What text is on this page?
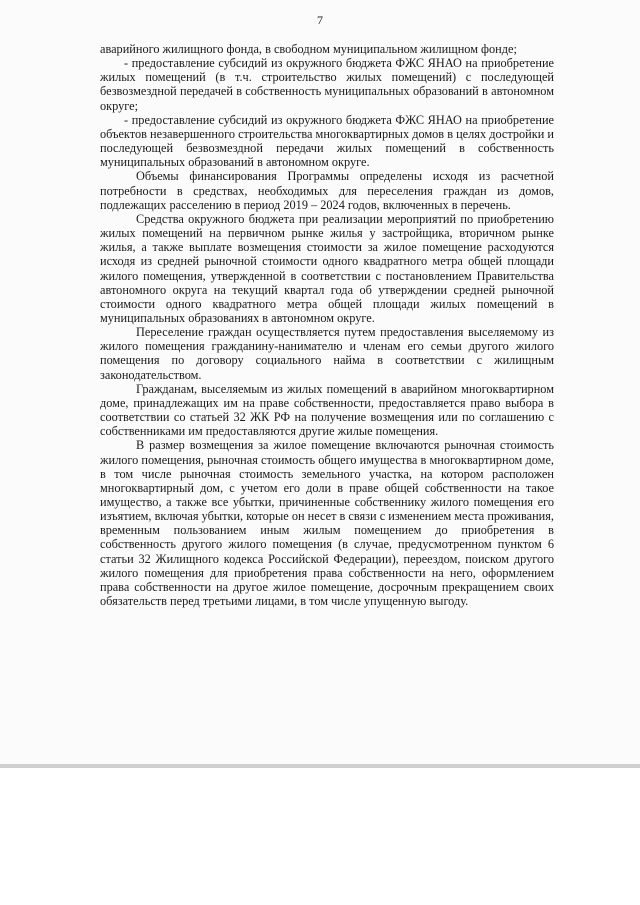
7

аварийного жилищного фонда, в свободном муниципальном жилищном фонде;

- предоставление субсидий из окружного бюджета ФЖС ЯНАО на приобретение жилых помещений (в т.ч. строительство жилых помещений) с последующей безвозмездной передачей в собственность муниципальных образований в автономном округе;

- предоставление субсидий из окружного бюджета ФЖС ЯНАО на приобретение объектов незавершенного строительства многоквартирных домов в целях достройки и последующей безвозмездной передачи жилых помещений в собственность муниципальных образований в автономном округе.

Объемы финансирования Программы определены исходя из расчетной потребности в средствах, необходимых для переселения граждан из домов, подлежащих расселению в период 2019 – 2024 годов, включенных в перечень.

Средства окружного бюджета при реализации мероприятий по приобретению жилых помещений на первичном рынке жилья у застройщика, вторичном рынке жилья, а также выплате возмещения стоимости за жилое помещение расходуются исходя из средней рыночной стоимости одного квадратного метра общей площади жилого помещения, утвержденной в соответствии с постановлением Правительства автономного округа на текущий квартал года об утверждении средней рыночной стоимости одного квадратного метра общей площади жилых помещений в муниципальных образованиях в автономном округе.

Переселение граждан осуществляется путем предоставления выселяемому из жилого помещения гражданину-нанимателю и членам его семьи другого жилого помещения по договору социального найма в соответствии с жилищным законодательством.

Гражданам, выселяемым из жилых помещений в аварийном многоквартирном доме, принадлежащих им на праве собственности, предоставляется право выбора в соответствии со статьей 32 ЖК РФ на получение возмещения или по соглашению с собственниками им предоставляются другие жилые помещения.

В размер возмещения за жилое помещение включаются рыночная стоимость жилого помещения, рыночная стоимость общего имущества в многоквартирном доме, в том числе рыночная стоимость земельного участка, на котором расположен многоквартирный дом, с учетом его доли в праве общей собственности на такое имущество, а также все убытки, причиненные собственнику жилого помещения его изъятием, включая убытки, которые он несет в связи с изменением места проживания, временным пользованием иным жилым помещением до приобретения в собственность другого жилого помещения (в случае, предусмотренном пунктом 6 статьи 32 Жилищного кодекса Российской Федерации), переездом, поиском другого жилого помещения для приобретения права собственности на него, оформлением права собственности на другое жилое помещение, досрочным прекращением своих обязательств перед третьими лицами, в том числе упущенную выгоду.
